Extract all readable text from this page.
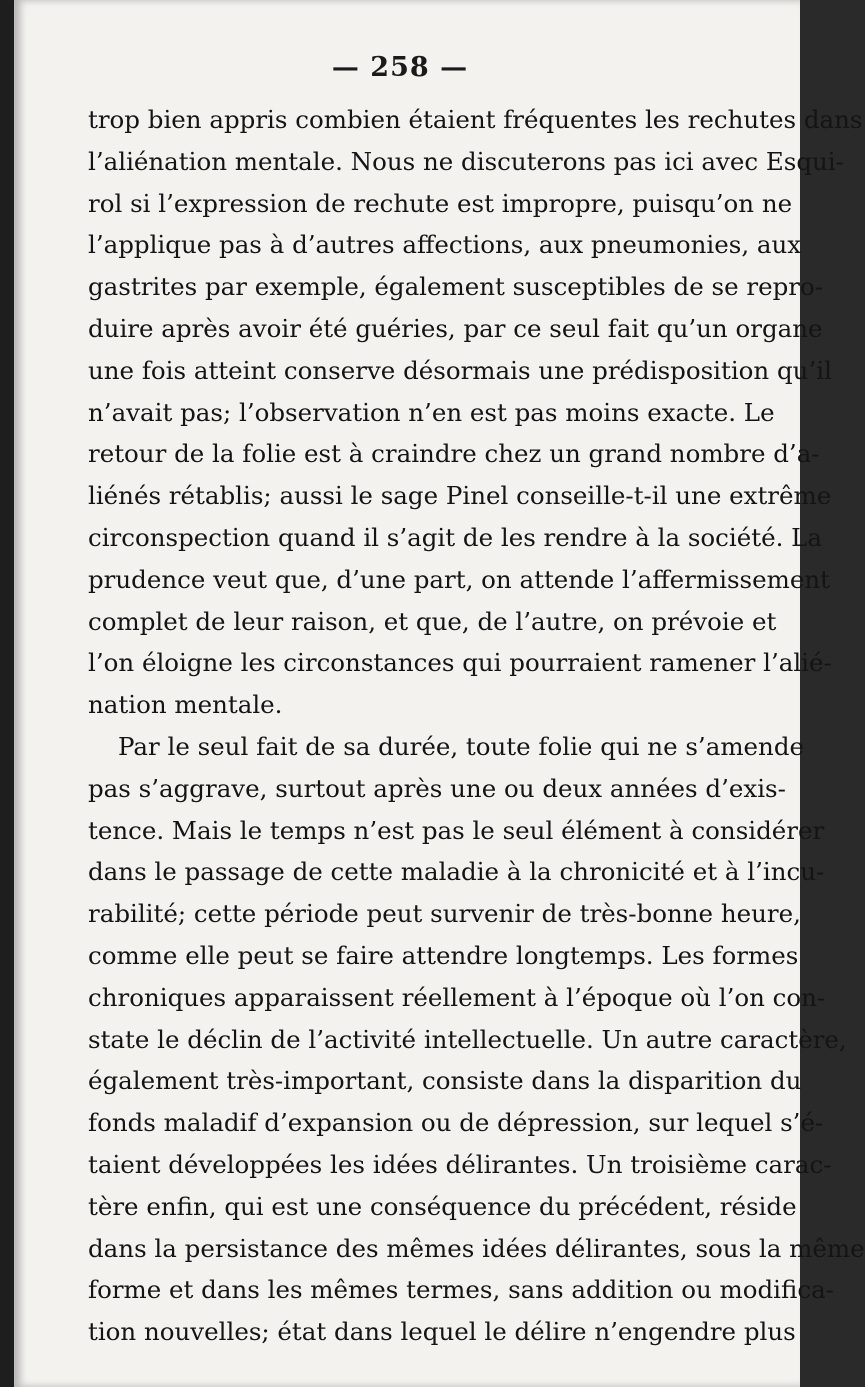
— 258 —
trop bien appris combien étaient fréquentes les rechutes dans
l’aliénation mentale. Nous ne discuterons pas ici avec Esqui-
rol si l’expression de rechute est impropre, puisqu’on ne
l’applique pas à d’autres affections, aux pneumonies, aux
gastrites par exemple, également susceptibles de se repro-
duire après avoir été guéries, par ce seul fait qu’un organe
une fois atteint conserve désormais une prédisposition qu’il
n’avait pas; l’observation n’en est pas moins exacte. Le
retour de la folie est à craindre chez un grand nombre d’a-
liénés rétablis; aussi le sage Pinel conseille-t-il une extrême
circonspection quand il s’agit de les rendre à la société. La
prudence veut que, d’une part, on attende l’affermissement
complet de leur raison, et que, de l’autre, on prévoie et
l’on éloigne les circonstances qui pourraient ramener l’alié-
nation mentale.
Par le seul fait de sa durée, toute folie qui ne s’amende
pas s’aggrave, surtout après une ou deux années d’exis-
tence. Mais le temps n’est pas le seul élément à considérer
dans le passage de cette maladie à la chronicité et à l’incu-
rabilité; cette période peut survenir de très-bonne heure,
comme elle peut se faire attendre longtemps. Les formes
chroniques apparaissent réellement à l’époque où l’on con-
state le déclin de l’activité intellectuelle. Un autre caractère,
également très-important, consiste dans la disparition du
fonds maladif d’expansion ou de dépression, sur lequel s’é-
taient développées les idées délirantes. Un troisième carac-
tère enfin, qui est une conséquence du précédent, réside
dans la persistance des mêmes idées délirantes, sous la même
forme et dans les mêmes termes, sans addition ou modifica-
tion nouvelles; état dans lequel le délire n’engendre plus
